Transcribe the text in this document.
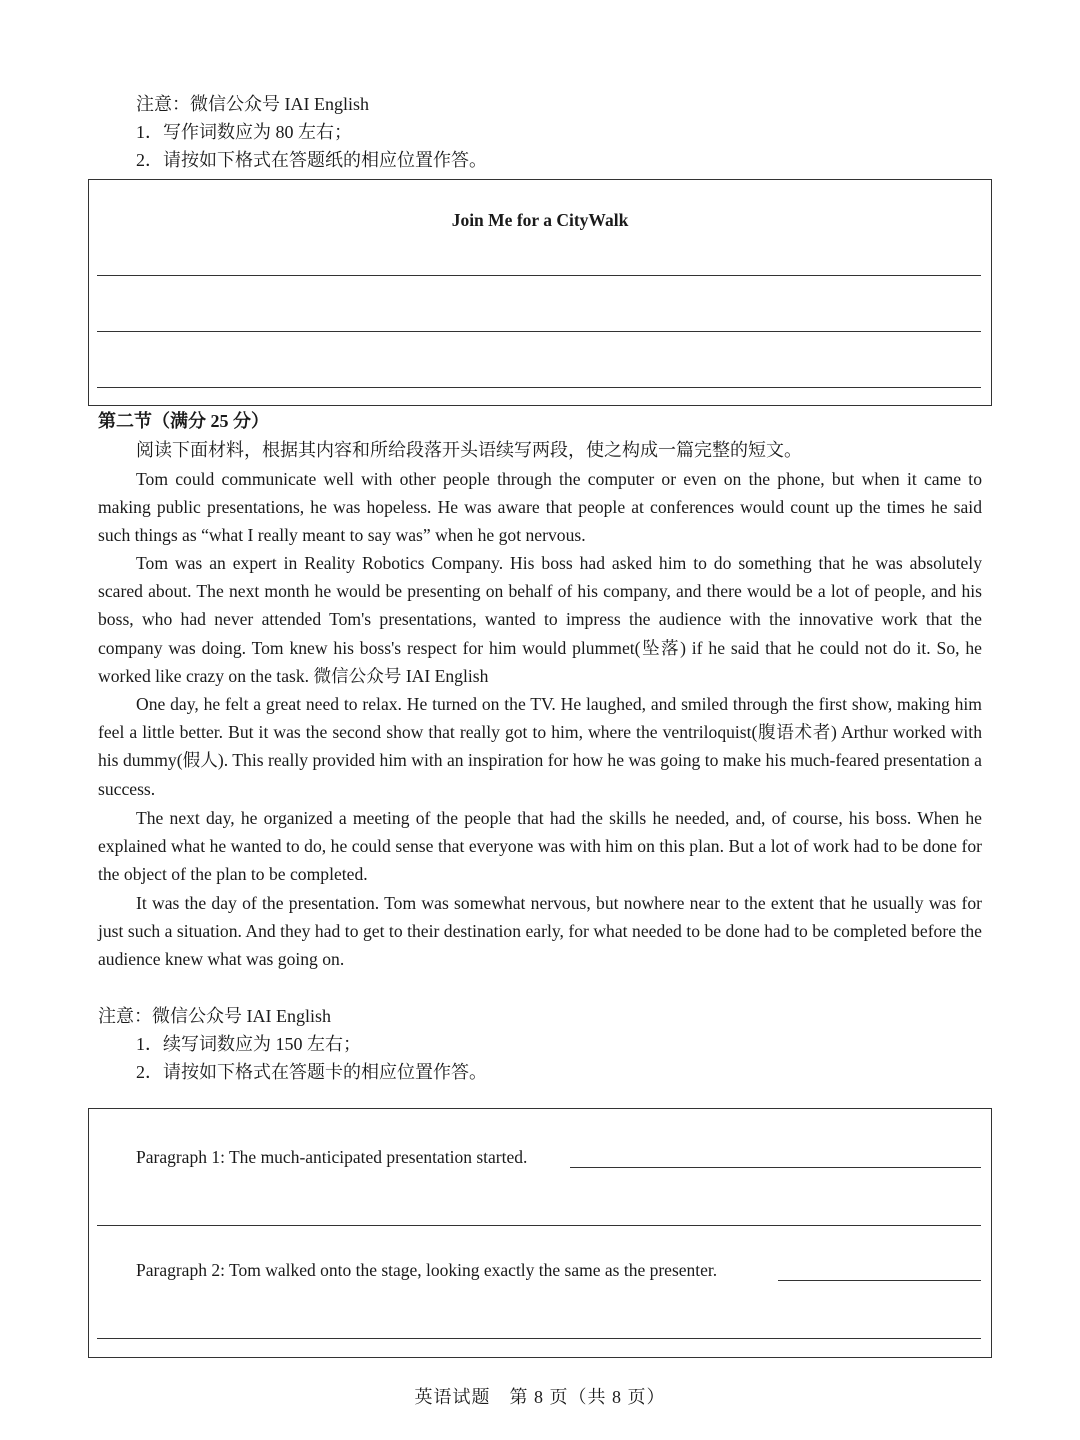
注意：微信公众号 IAI English
1．写作词数应为 80 左右；
2．请按如下格式在答题纸的相应位置作答。
Join Me for a CityWalk
第二节（满分 25 分）
阅读下面材料，根据其内容和所给段落开头语续写两段，使之构成一篇完整的短文。

Tom could communicate well with other people through the computer or even on the phone, but when it came to making public presentations, he was hopeless. He was aware that people at conferences would count up the times he said such things as “what I really meant to say was” when he got nervous.

Tom was an expert in Reality Robotics Company. His boss had asked him to do something that he was absolutely scared about. The next month he would be presenting on behalf of his company, and there would be a lot of people, and his boss, who had never attended Tom's presentations, wanted to impress the audience with the innovative work that the company was doing. Tom knew his boss's respect for him would plummet(坠落) if he said that he could not do it. So, he worked like crazy on the task. 微信公众号 IAI English

One day, he felt a great need to relax. He turned on the TV. He laughed, and smiled through the first show, making him feel a little better. But it was the second show that really got to him, where the ventriloquist(腹语术者) Arthur worked with his dummy(假人). This really provided him with an inspiration for how he was going to make his much-feared presentation a success.

The next day, he organized a meeting of the people that had the skills he needed, and, of course, his boss. When he explained what he wanted to do, he could sense that everyone was with him on this plan. But a lot of work had to be done for the object of the plan to be completed.

It was the day of the presentation. Tom was somewhat nervous, but nowhere near to the extent that he usually was for just such a situation. And they had to get to their destination early, for what needed to be done had to be completed before the audience knew what was going on.

注意：微信公众号 IAI English
1．续写词数应为 150 左右；
2．请按如下格式在答题卡的相应位置作答。
Paragraph 1: The much-anticipated presentation started.
Paragraph 2: Tom walked onto the stage, looking exactly the same as the presenter.
英语试题　第 8 页（共 8 页）
